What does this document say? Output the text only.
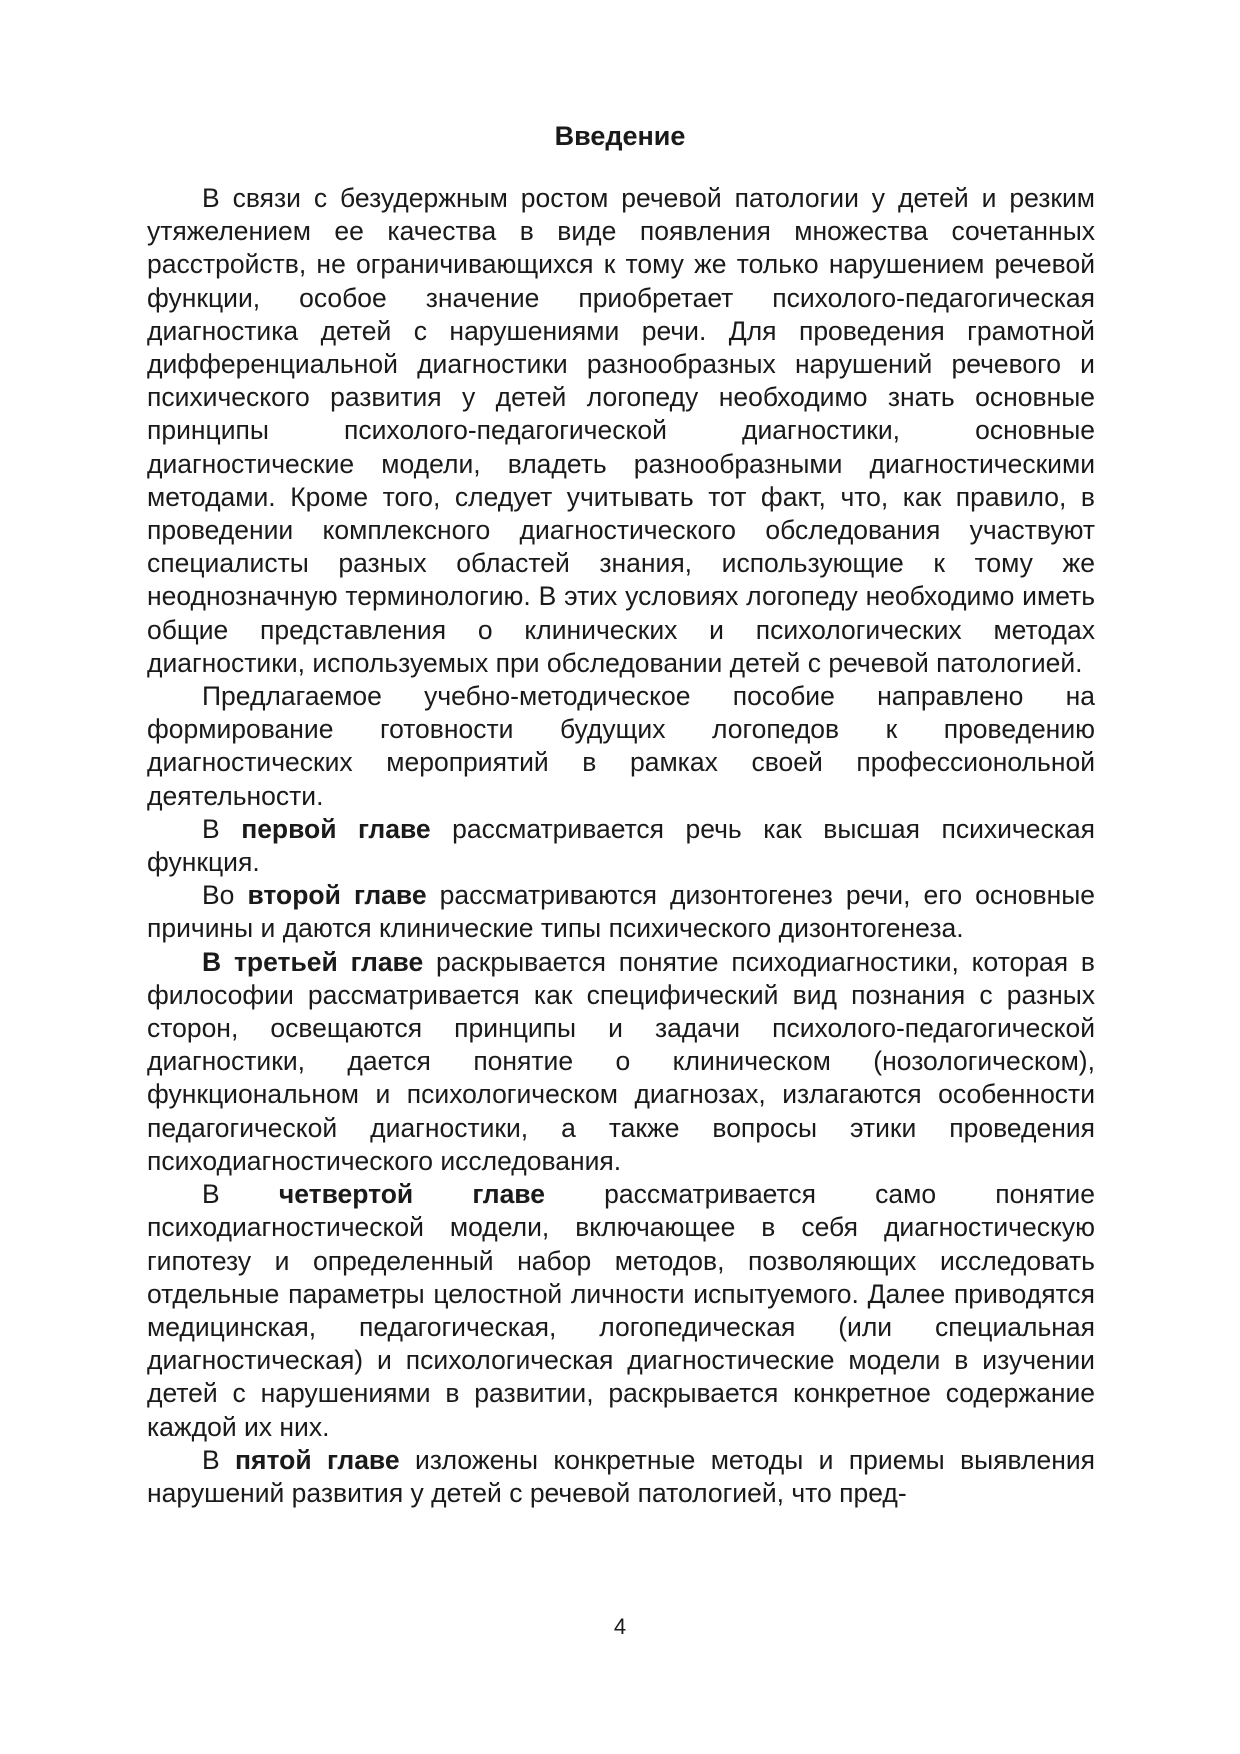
Введение

В связи с безудержным ростом речевой патологии у детей и резким утяжелением ее качества в виде появления множества сочетанных расстройств, не ограничивающихся к тому же только нарушением речевой функции, особое значение приобретает психолого-педагогическая диагностика детей с нарушениями речи. Для проведения грамотной дифференциальной диагностики разнообразных нарушений речевого и психического развития у детей логопеду необходимо знать основные принципы психолого-педагогической диагностики, основные диагностические модели, владеть разнообразными диагностическими методами. Кроме того, следует учитывать тот факт, что, как правило, в проведении комплексного диагностического обследования участвуют специалисты разных областей знания, использующие к тому же неоднозначную терминологию. В этих условиях логопеду необходимо иметь общие представления о клинических и психологических методах диагностики, используемых при обследовании детей с речевой патологией.

Предлагаемое учебно-методическое пособие направлено на формирование готовности будущих логопедов к проведению диагностических мероприятий в рамках своей профессионольной деятельности.

В первой главе рассматривается речь как высшая психическая функция.

Во второй главе рассматриваются дизонтогенез речи, его основные причины и даются клинические типы психического дизонтогенеза.

В третьей главе раскрывается понятие психодиагностики, которая в философии рассматривается как специфический вид познания с разных сторон, освещаются принципы и задачи психолого-педагогической диагностики, дается понятие о клиническом (нозологическом), функциональном и психологическом диагнозах, излагаются особенности педагогической диагностики, а также вопросы этики проведения психодиагностического исследования.

В четвертой главе рассматривается само понятие психодиагностической модели, включающее в себя диагностическую гипотезу и определенный набор методов, позволяющих исследовать отдельные параметры целостной личности испытуемого. Далее приводятся медицинская, педагогическая, логопедическая (или специальная диагностическая) и психологическая диагностические модели в изучении детей с нарушениями в развитии, раскрывается конкретное содержание каждой их них.

В пятой главе изложены конкретные методы и приемы выявления нарушений развития у детей с речевой патологией, что пред-

4
